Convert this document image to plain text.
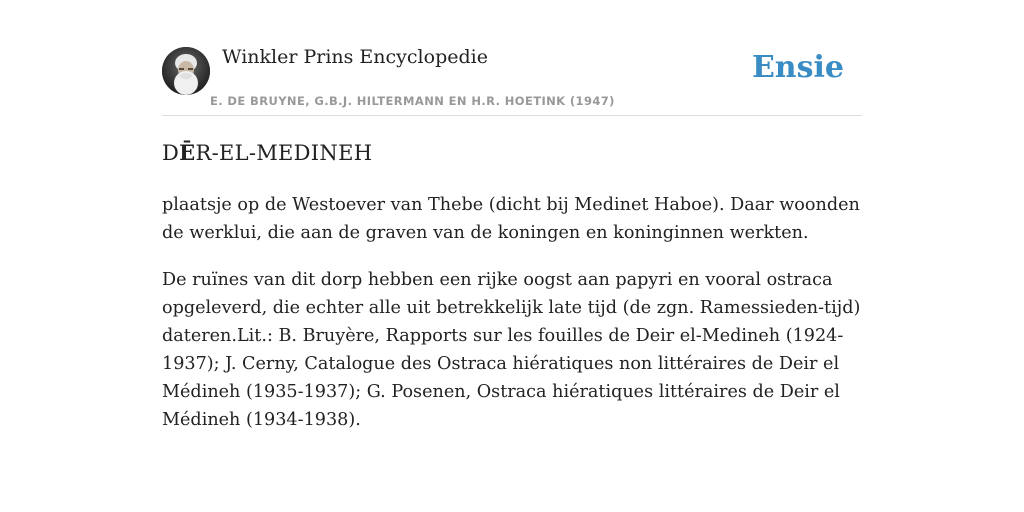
Winkler Prins Encyclopedie
E. DE BRUYNE, G.B.J. HILTERMANN EN H.R. HOETINK (1947)
Ensie
DĒR-EL-MEDINEH

plaatsje op de Westoever van Thebe (dicht bij Medinet Haboe). Daar woonden de werklui, die aan de graven van de koningen en koninginnen werkten.

De ruïnes van dit dorp hebben een rijke oogst aan papyri en vooral ostraca opgeleverd, die echter alle uit betrekkelijk late tijd (de zgn. Ramessieden-tijd) dateren.Lit.: B. Bruyère, Rapports sur les fouilles de Deir el-Medineh (1924-1937); J. Cerny, Catalogue des Ostraca hiératiques non littéraires de Deir el Médineh (1935-1937); G. Posenen, Ostraca hiératiques littéraires de Deir el Médineh (1934-1938).
